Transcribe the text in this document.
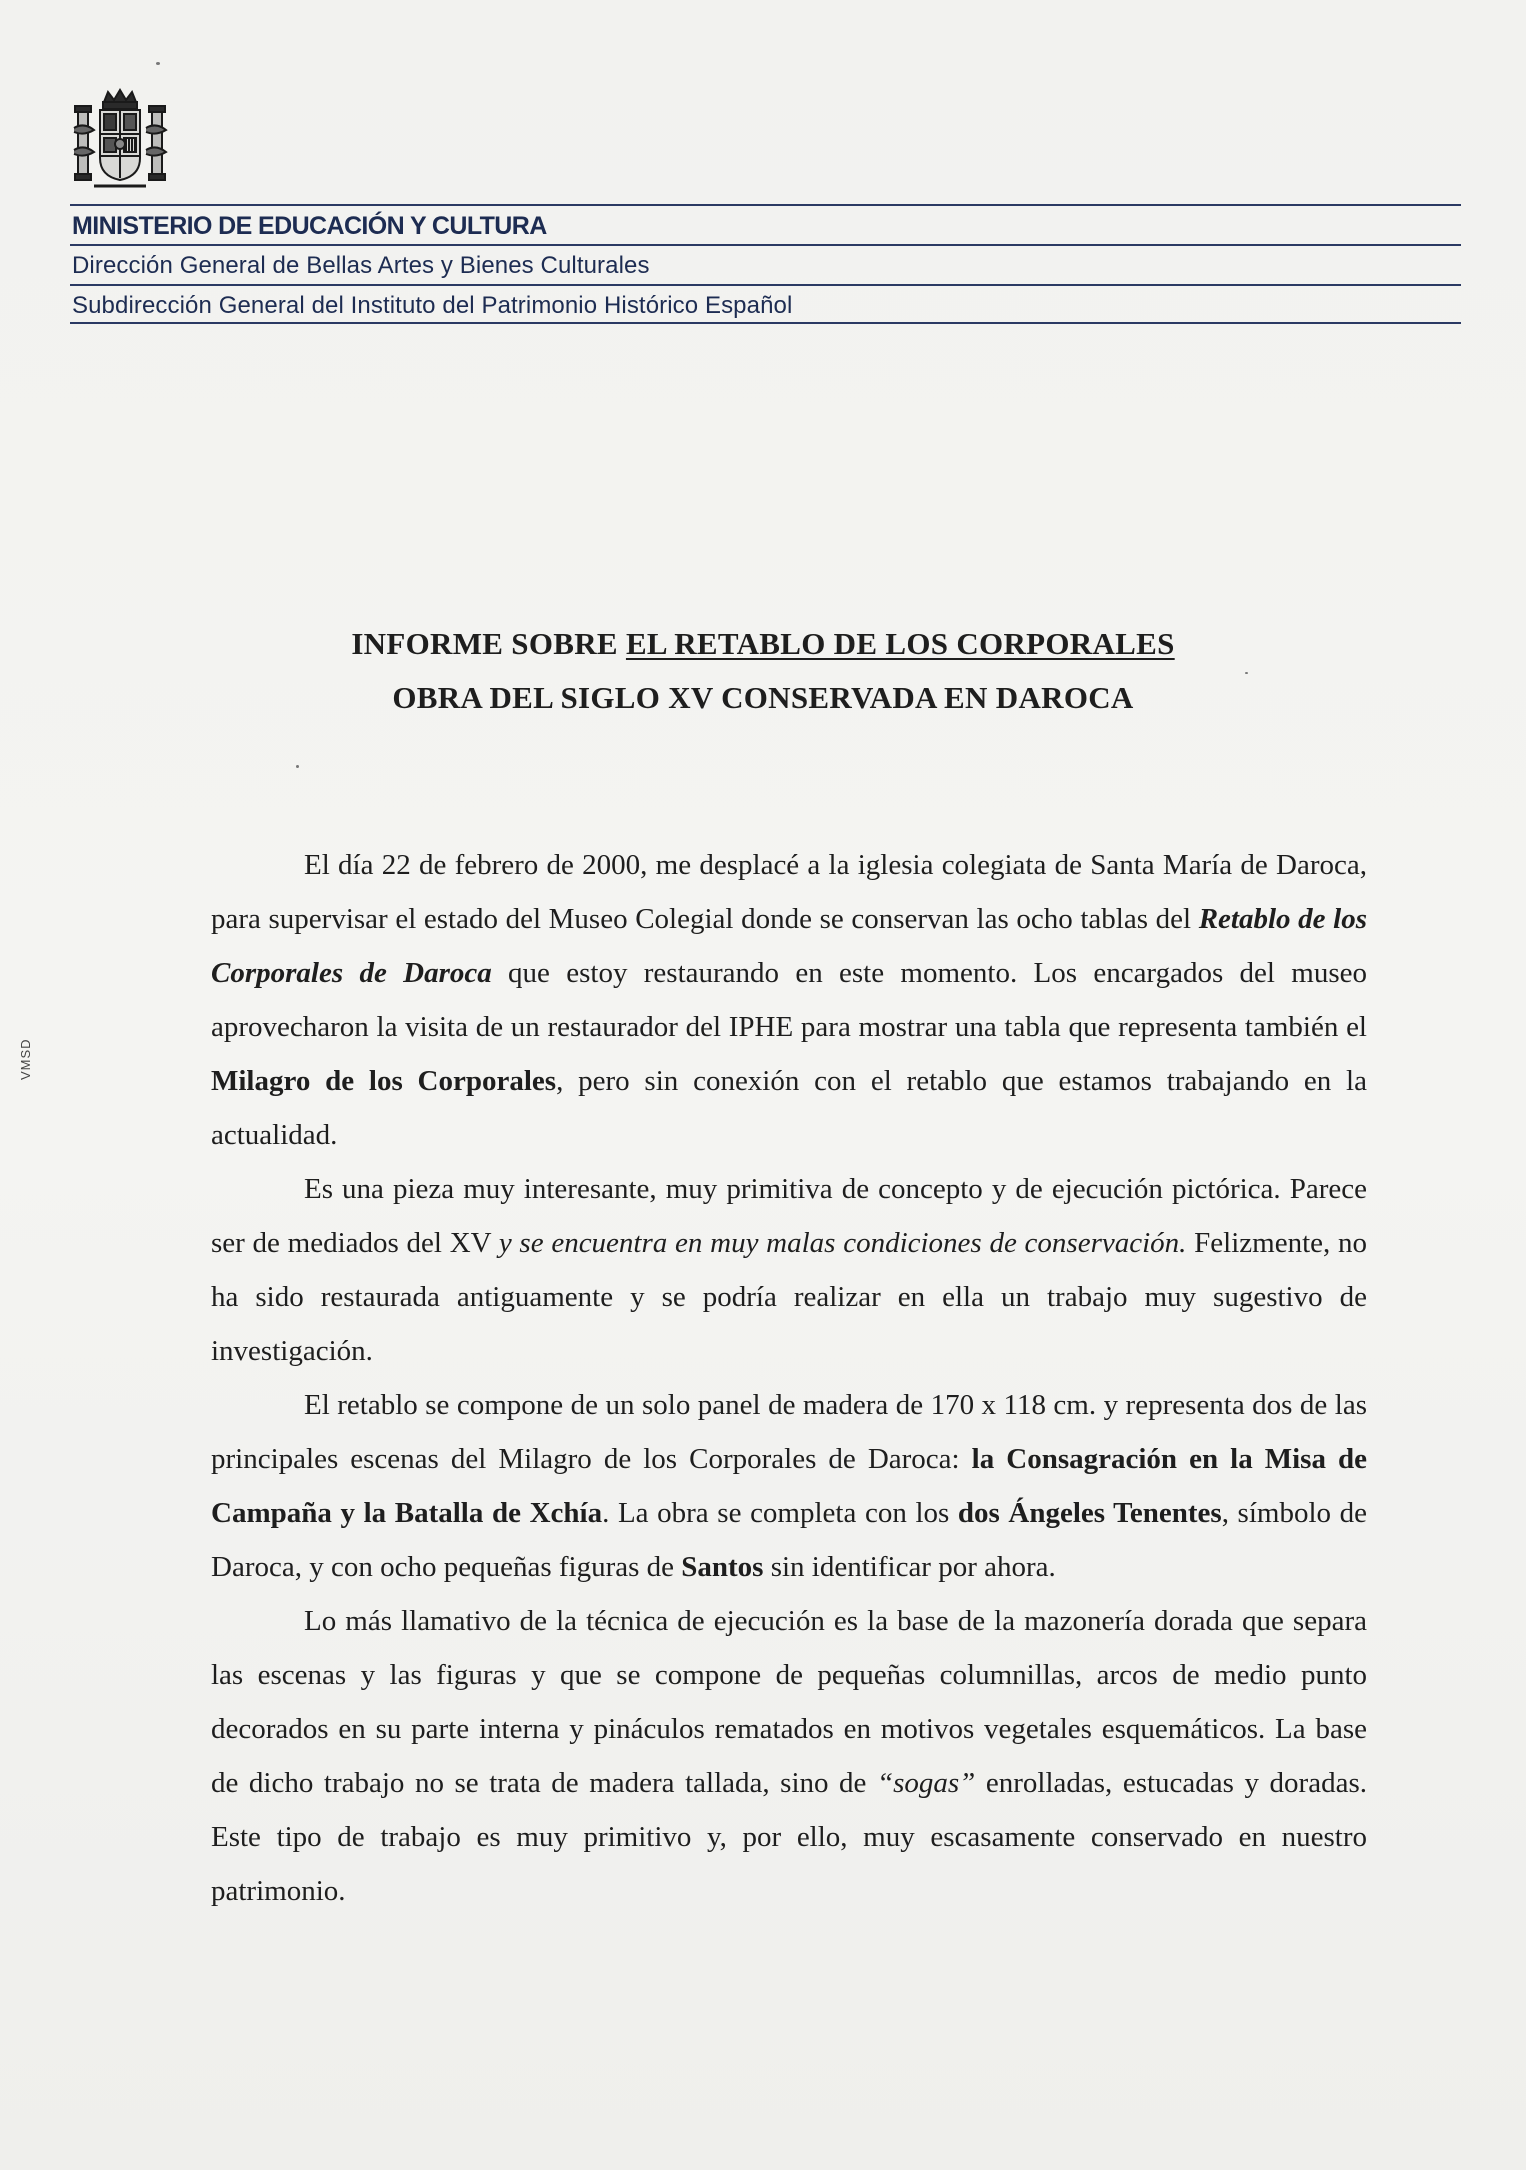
MINISTERIO DE EDUCACIÓN Y CULTURA
Dirección General de Bellas Artes y Bienes Culturales
Subdirección General del Instituto del Patrimonio Histórico Español
VMSD
INFORME SOBRE EL RETABLO DE LOS CORPORALES
OBRA DEL SIGLO XV CONSERVADA EN DAROCA

El día 22 de febrero de 2000, me desplacé a la iglesia colegiata de Santa María de Daroca, para supervisar el estado del Museo Colegial donde se conservan las ocho tablas del Retablo de los Corporales de Daroca que estoy restaurando en este momento. Los encargados del museo aprovecharon la visita de un restaurador del IPHE para mostrar una tabla que representa también el Milagro de los Corporales, pero sin conexión con el retablo que estamos trabajando en la actualidad.

Es una pieza muy interesante, muy primitiva de concepto y de ejecución pictórica. Parece ser de mediados del XV y se encuentra en muy malas condiciones de conservación. Felizmente, no ha sido restaurada antiguamente y se podría realizar en ella un trabajo muy sugestivo de investigación.

El retablo se compone de un solo panel de madera de 170 x 118 cm. y representa dos de las principales escenas del Milagro de los Corporales de Daroca: la Consagración en la Misa de Campaña y la Batalla de Xchía. La obra se completa con los dos Ángeles Tenentes, símbolo de Daroca, y con ocho pequeñas figuras de Santos sin identificar por ahora.

Lo más llamativo de la técnica de ejecución es la base de la mazonería dorada que separa las escenas y las figuras y que se compone de pequeñas columnillas, arcos de medio punto decorados en su parte interna y pináculos rematados en motivos vegetales esquemáticos. La base de dicho trabajo no se trata de madera tallada, sino de “sogas” enrolladas, estucadas y doradas. Este tipo de trabajo es muy primitivo y, por ello, muy escasamente conservado en nuestro patrimonio.
